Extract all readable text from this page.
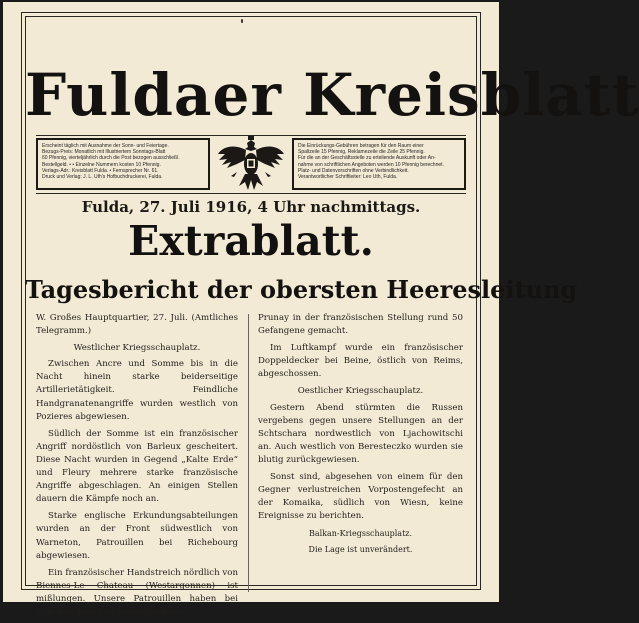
Fuldaer Kreisblatt
Erscheint täglich mit Ausnahme der Sonn- und Feiertage.
Bezugs-Preis: Monatlich mit Illustriertem Sonntags-Blatt
60 Pfennig, vierteljährlich durch die Post bezogen ausschließl.
Bestellgeld. • • Einzelne Nummern kosten 10 Pfennig.
Verlags-Adr.: Kreisblatt Fulda. • Fernsprecher Nr. 61.
Druck und Verlag: J. L. Uth's Hofbuchdruckerei, Fulda.
Die Einrückungs-Gebühren betragen für den Raum einer
Spaltzeile 15 Pfennig, Reklamezeile die Zeile 25 Pfennig.
Für die an der Geschäftsstelle zu erteilende Auskunft oder An-
nahme von schriftlichen Angeboten werden 10 Pfennig berechnet.
Platz- und Datenvorschriften ohne Verbindlichkeit.
Verantwortlicher Schriftleiter: Leo Uth, Fulda.
Fulda, 27. Juli 1916, 4 Uhr nachmittags.
Extrablatt.
Tagesbericht der obersten Heeresleitung

W. Großes Hauptquartier, 27. Juli. (Amtliches Telegramm.)

Westlicher Kriegsschauplatz.

Zwischen Ancre und Somme bis in die Nacht hinein starke beiderseitige Artillerietätigkeit. Feindliche Handgranatenangriffe wurden westlich von Pozieres abgewiesen.

Südlich der Somme ist ein französischer Angriff nordöstlich von Barleux gescheitert. Diese Nacht wurden in Gegend „Kalte Erde“ und Fleury mehrere starke französische Angriffe abgeschlagen. An einigen Stellen dauern die Kämpfe noch an.

Starke englische Erkundungsabteilungen wurden an der Front südwestlich von Warneton, Patrouillen bei Richebourg abgewiesen.

Ein französischer Handstreich nördlich von Biennes-Le Chateau (Westargonnen) ist mißlungen. Unsere Patrouillen haben bei Ville-aux-Bois und nordöstlich von

Prunay in der französischen Stellung rund 50 Gefangene gemacht.

Im Luftkampf wurde ein französischer Doppeldecker bei Beine, östlich von Reims, abgeschossen.

Oestlicher Kriegsschauplatz.

Gestern Abend stürmten die Russen vergebens gegen unsere Stellungen an der Schtschara nordwestlich von Ljachowitschi an. Auch westlich von Beresteczko wurden sie blutig zurückgewiesen.

Sonst sind, abgesehen von einem für den Gegner verlustreichen Vorpostengefecht an der Komaika, südlich von Wiesn, keine Ereignisse zu berichten.

Balkan-Kriegsschauplatz.

Die Lage ist unverändert.
